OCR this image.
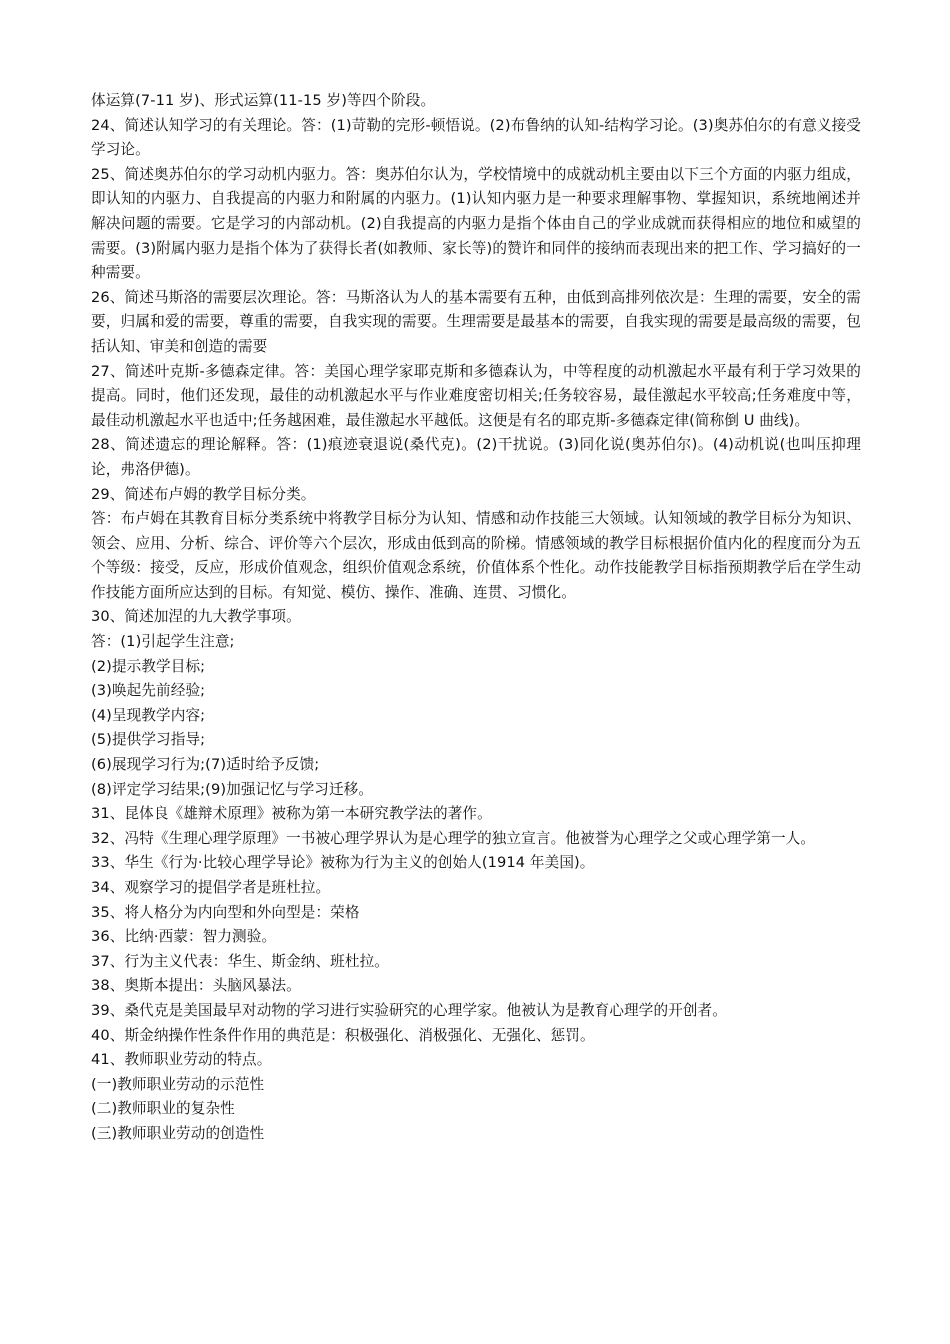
体运算(7-11 岁)、形式运算(11-15 岁)等四个阶段。

24、简述认知学习的有关理论。答：(1)苛勒的完形-顿悟说。(2)布鲁纳的认知-结构学习论。(3)奥苏伯尔的有意义接受学习论。

25、简述奥苏伯尔的学习动机内驱力。答：奥苏伯尔认为，学校情境中的成就动机主要由以下三个方面的内驱力组成，即认知的内驱力、自我提高的内驱力和附属的内驱力。(1)认知内驱力是一种要求理解事物、掌握知识，系统地阐述并解决问题的需要。它是学习的内部动机。(2)自我提高的内驱力是指个体由自己的学业成就而获得相应的地位和威望的需要。(3)附属内驱力是指个体为了获得长者(如教师、家长等)的赞许和同伴的接纳而表现出来的把工作、学习搞好的一种需要。

26、简述马斯洛的需要层次理论。答：马斯洛认为人的基本需要有五种，由低到高排列依次是：生理的需要，安全的需要，归属和爱的需要，尊重的需要，自我实现的需要。生理需要是最基本的需要，自我实现的需要是最高级的需要，包括认知、审美和创造的需要

27、简述叶克斯-多德森定律。答：美国心理学家耶克斯和多德森认为，中等程度的动机激起水平最有利于学习效果的提高。同时，他们还发现，最佳的动机激起水平与作业难度密切相关;任务较容易，最佳激起水平较高;任务难度中等，最佳动机激起水平也适中;任务越困难，最佳激起水平越低。这便是有名的耶克斯-多德森定律(简称倒 U 曲线)。

28、简述遗忘的理论解释。答：(1)痕迹衰退说(桑代克)。(2)干扰说。(3)同化说(奥苏伯尔)。(4)动机说(也叫压抑理论，弗洛伊德)。

29、简述布卢姆的教学目标分类。

答：布卢姆在其教育目标分类系统中将教学目标分为认知、情感和动作技能三大领域。认知领域的教学目标分为知识、领会、应用、分析、综合、评价等六个层次，形成由低到高的阶梯。情感领域的教学目标根据价值内化的程度而分为五个等级：接受，反应，形成价值观念，组织价值观念系统，价值体系个性化。动作技能教学目标指预期教学后在学生动作技能方面所应达到的目标。有知觉、模仿、操作、准确、连贯、习惯化。

30、简述加涅的九大教学事项。

答：(1)引起学生注意;

(2)提示教学目标;

(3)唤起先前经验;

(4)呈现教学内容;

(5)提供学习指导;

(6)展现学习行为;(7)适时给予反馈;

(8)评定学习结果;(9)加强记忆与学习迁移。

31、昆体良《雄辩术原理》被称为第一本研究教学法的著作。

32、冯特《生理心理学原理》一书被心理学界认为是心理学的独立宣言。他被誉为心理学之父或心理学第一人。

33、华生《行为·比较心理学导论》被称为行为主义的创始人(1914 年美国)。

34、观察学习的提倡学者是班杜拉。

35、将人格分为内向型和外向型是：荣格

36、比纳·西蒙：智力测验。

37、行为主义代表：华生、斯金纳、班杜拉。

38、奥斯本提出：头脑风暴法。

39、桑代克是美国最早对动物的学习进行实验研究的心理学家。他被认为是教育心理学的开创者。

40、斯金纳操作性条件作用的典范是：积极强化、消极强化、无强化、惩罚。

41、教师职业劳动的特点。

(一)教师职业劳动的示范性

(二)教师职业的复杂性

(三)教师职业劳动的创造性
